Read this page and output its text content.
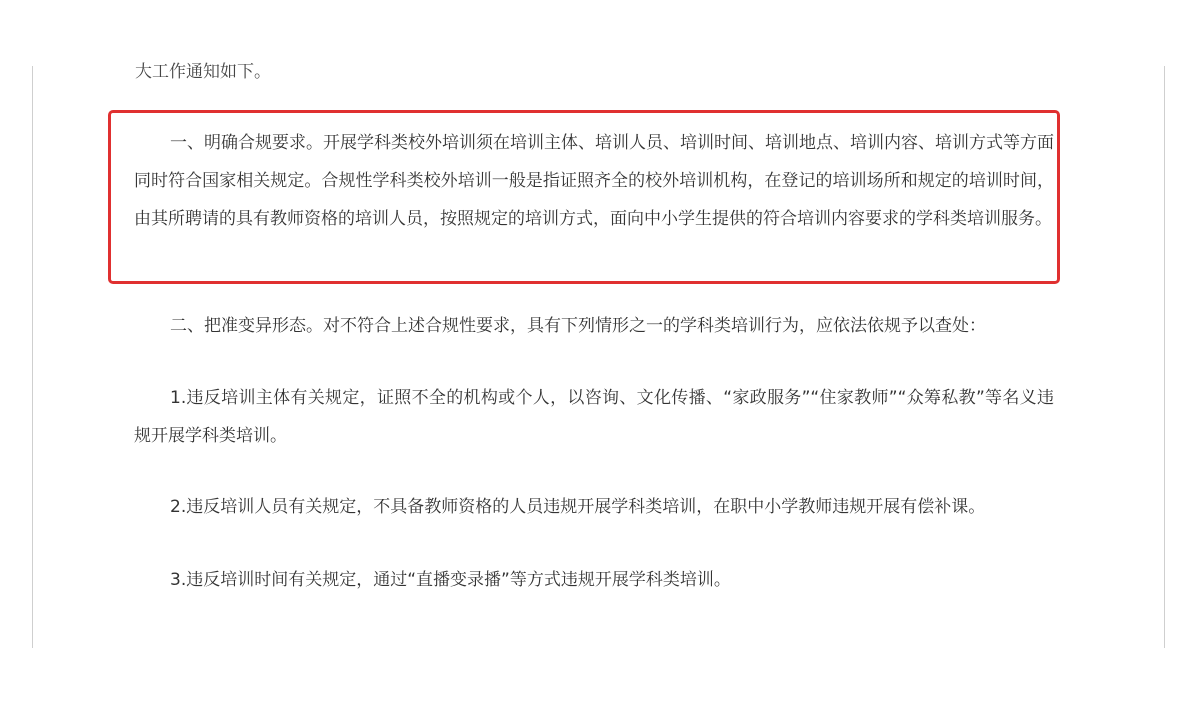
大工作通知如下。

一、明确合规要求。开展学科类校外培训须在培训主体、培训人员、培训时间、培训地点、培训内容、培训方式等方面同时符合国家相关规定。合规性学科类校外培训一般是指证照齐全的校外培训机构，在登记的培训场所和规定的培训时间，由其所聘请的具有教师资格的培训人员，按照规定的培训方式，面向中小学生提供的符合培训内容要求的学科类培训服务。

二、把准变异形态。对不符合上述合规性要求，具有下列情形之一的学科类培训行为，应依法依规予以查处：

1.违反培训主体有关规定，证照不全的机构或个人，以咨询、文化传播、“家政服务”“住家教师”“众筹私教”等名义违规开展学科类培训。

2.违反培训人员有关规定，不具备教师资格的人员违规开展学科类培训，在职中小学教师违规开展有偿补课。

3.违反培训时间有关规定，通过“直播变录播”等方式违规开展学科类培训。
